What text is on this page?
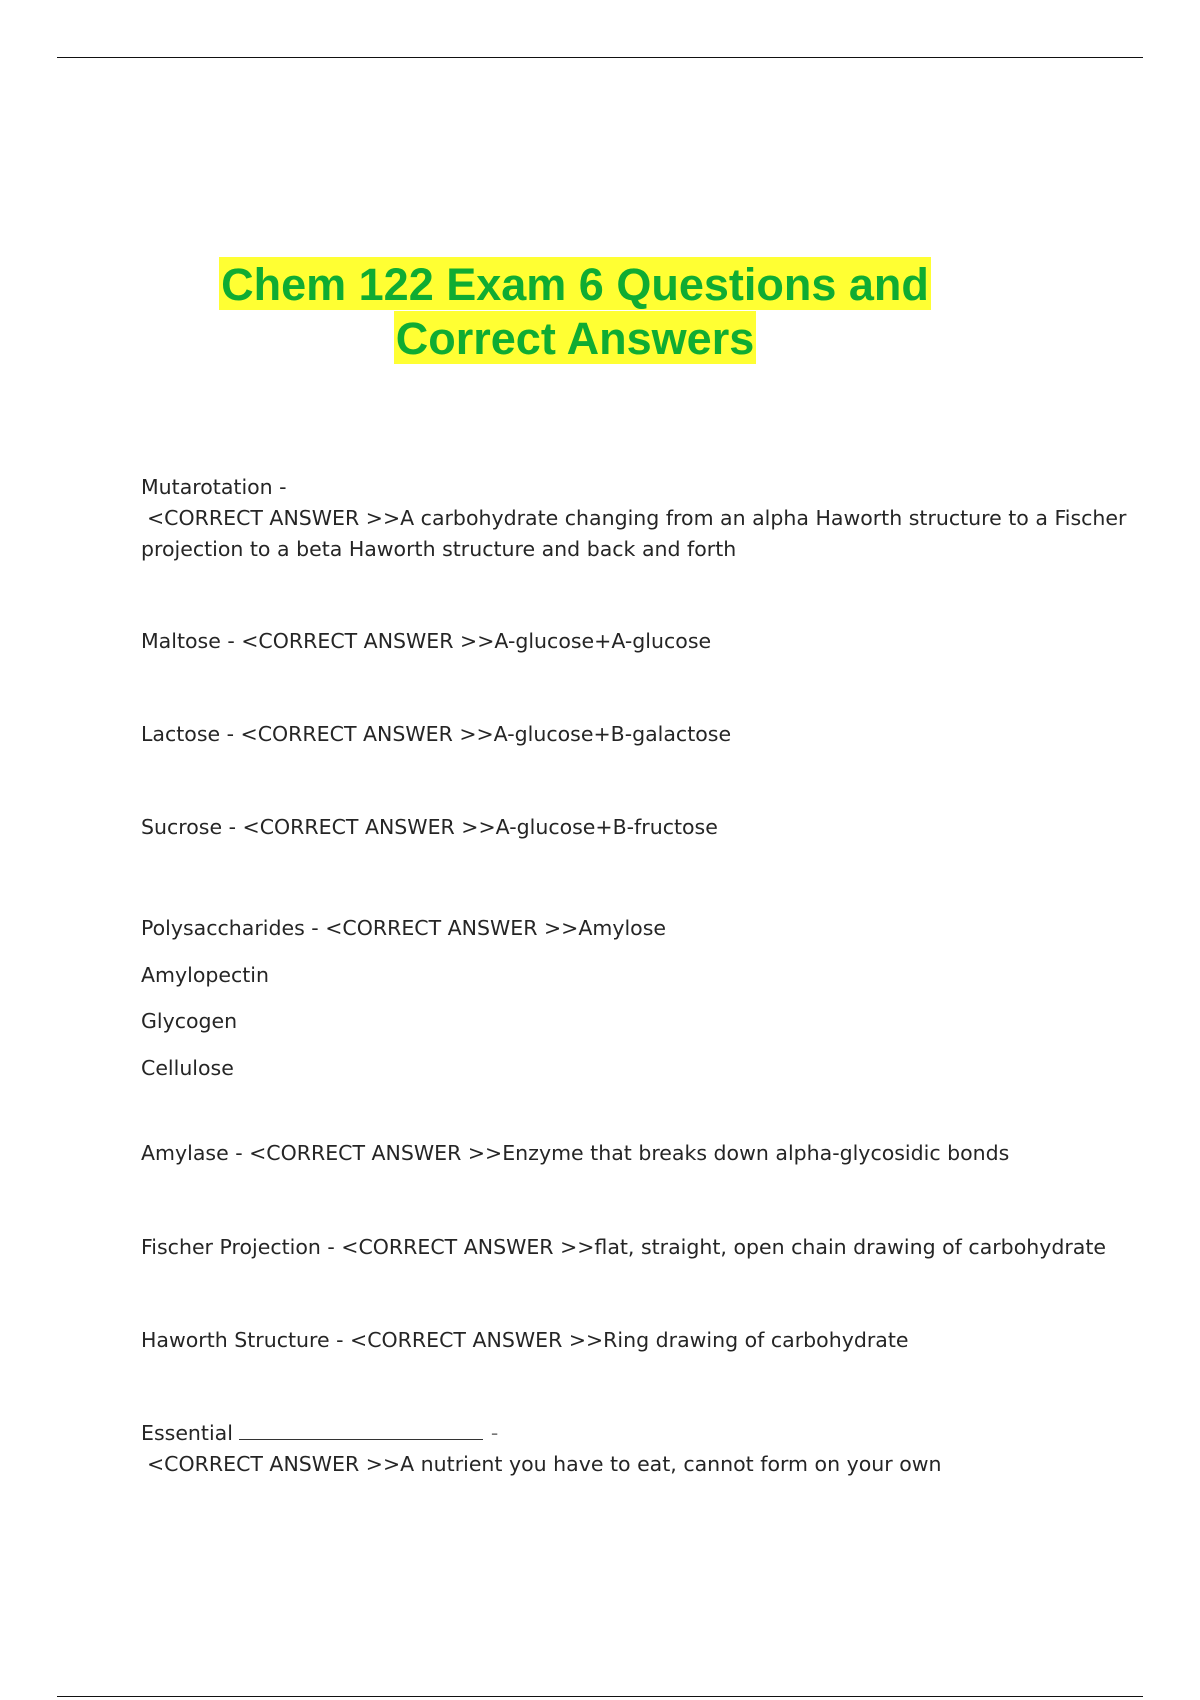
Chem 122 Exam 6 Questions and
Correct Answers
Mutarotation -
<CORRECT ANSWER >>A carbohydrate changing from an alpha Haworth structure to a Fischer
projection to a beta Haworth structure and back and forth
Maltose - <CORRECT ANSWER >>A-glucose+A-glucose
Lactose - <CORRECT ANSWER >>A-glucose+B-galactose
Sucrose - <CORRECT ANSWER >>A-glucose+B-fructose
Polysaccharides - <CORRECT ANSWER >>Amylose
Amylopectin
Glycogen
Cellulose
Amylase - <CORRECT ANSWER >>Enzyme that breaks down alpha-glycosidic bonds
Fischer Projection - <CORRECT ANSWER >>flat, straight, open chain drawing of carbohydrate
Haworth Structure - <CORRECT ANSWER >>Ring drawing of carbohydrate
Essential	-
<CORRECT ANSWER >>A nutrient you have to eat, cannot form on your own
